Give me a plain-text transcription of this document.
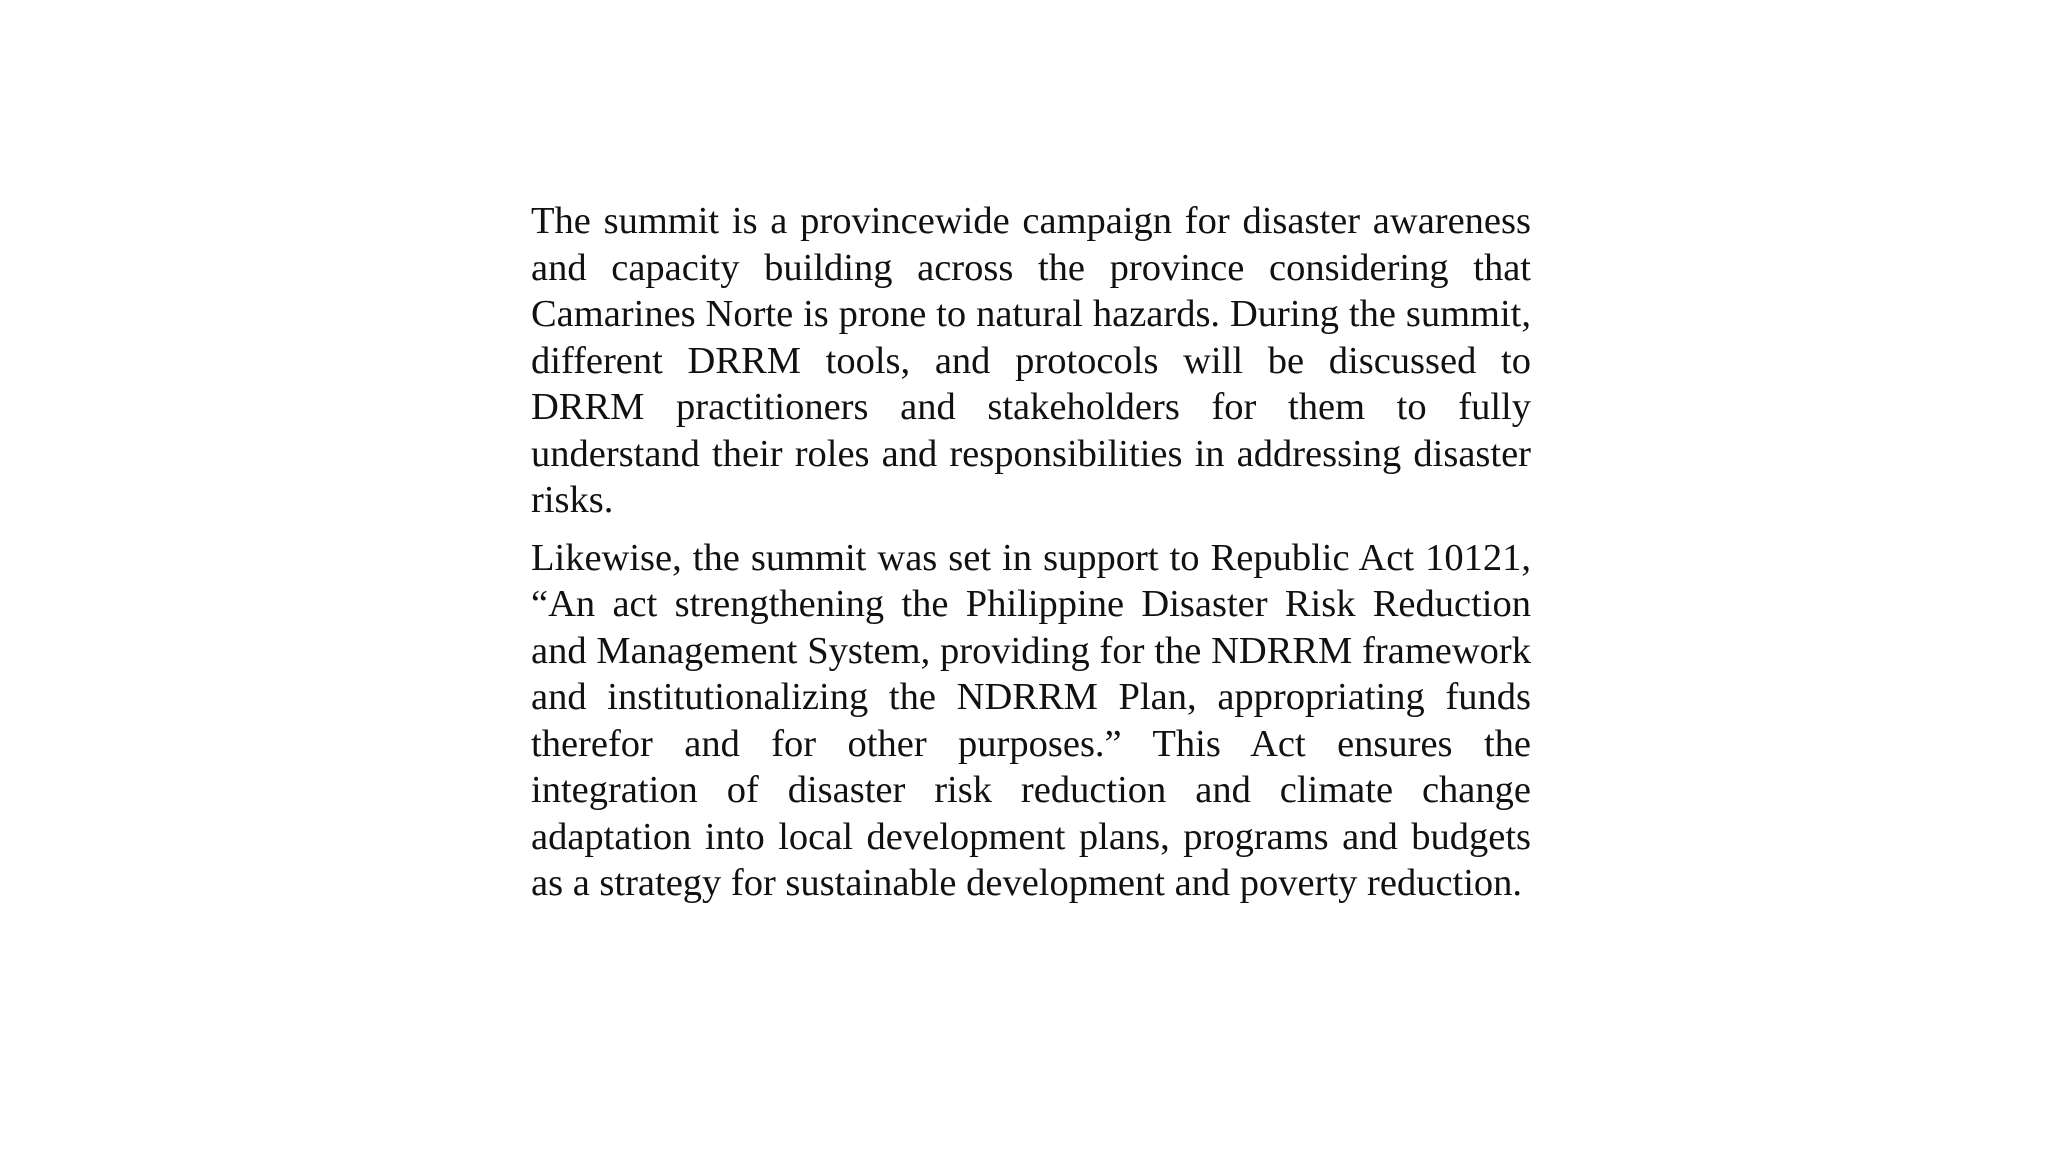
The summit is a provincewide campaign for disaster awareness and capacity building across the province considering that Camarines Norte is prone to natural hazards. During the summit, different DRRM tools, and protocols will be discussed to DRRM practitioners and stakeholders for them to fully understand their roles and responsibilities in addressing disaster risks.

Likewise, the summit was set in support to Republic Act 10121, “An act strengthening the Philippine Disaster Risk Reduction and Management System, providing for the NDRRM framework and institutionalizing the NDRRM Plan, appropriating funds therefor and for other purposes.” This Act ensures the integration of disaster risk reduction and climate change adaptation into local development plans, programs and budgets as a strategy for sustainable development and poverty reduction.
